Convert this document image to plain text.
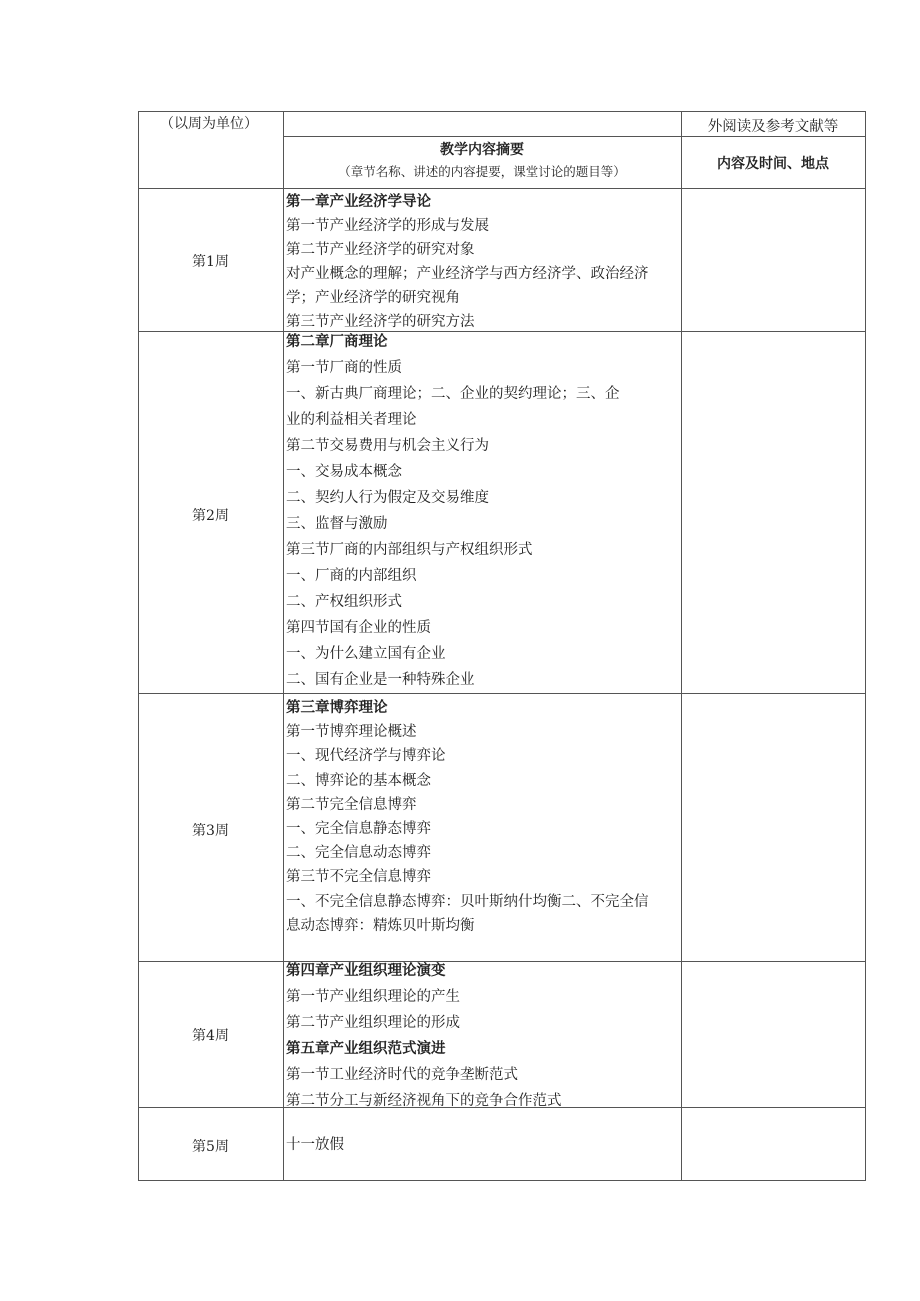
（以周为单位）
教学内容摘要
（章节名称、讲述的内容提要，课堂讨论的题目等）
外阅读及参考文献等
内容及时间、地点
第1周
第一章产业经济学导论
第一节产业经济学的形成与发展
第二节产业经济学的研究对象
对产业概念的理解；产业经济学与西方经济学、政治经济
学；产业经济学的研究视角
第三节产业经济学的研究方法
第2周
第二章厂商理论
第一节厂商的性质
一、新古典厂商理论；二、企业的契约理论；三、企
业的利益相关者理论
第二节交易费用与机会主义行为
一、交易成本概念
二、契约人行为假定及交易维度
三、监督与激励
第三节厂商的内部组织与产权组织形式
一、厂商的内部组织
二、产权组织形式
第四节国有企业的性质
一、为什么建立国有企业
二、国有企业是一种特殊企业
第3周
第三章博弈理论
第一节博弈理论概述
一、现代经济学与博弈论
二、博弈论的基本概念
第二节完全信息博弈
一、完全信息静态博弈
二、完全信息动态博弈
第三节不完全信息博弈
一、不完全信息静态博弈：贝叶斯纳什均衡二、不完全信
息动态博弈：精炼贝叶斯均衡
第4周
第四章产业组织理论演变
第一节产业组织理论的产生
第二节产业组织理论的形成
第五章产业组织范式演进
第一节工业经济时代的竞争垄断范式
第二节分工与新经济视角下的竞争合作范式
第5周	十一放假
